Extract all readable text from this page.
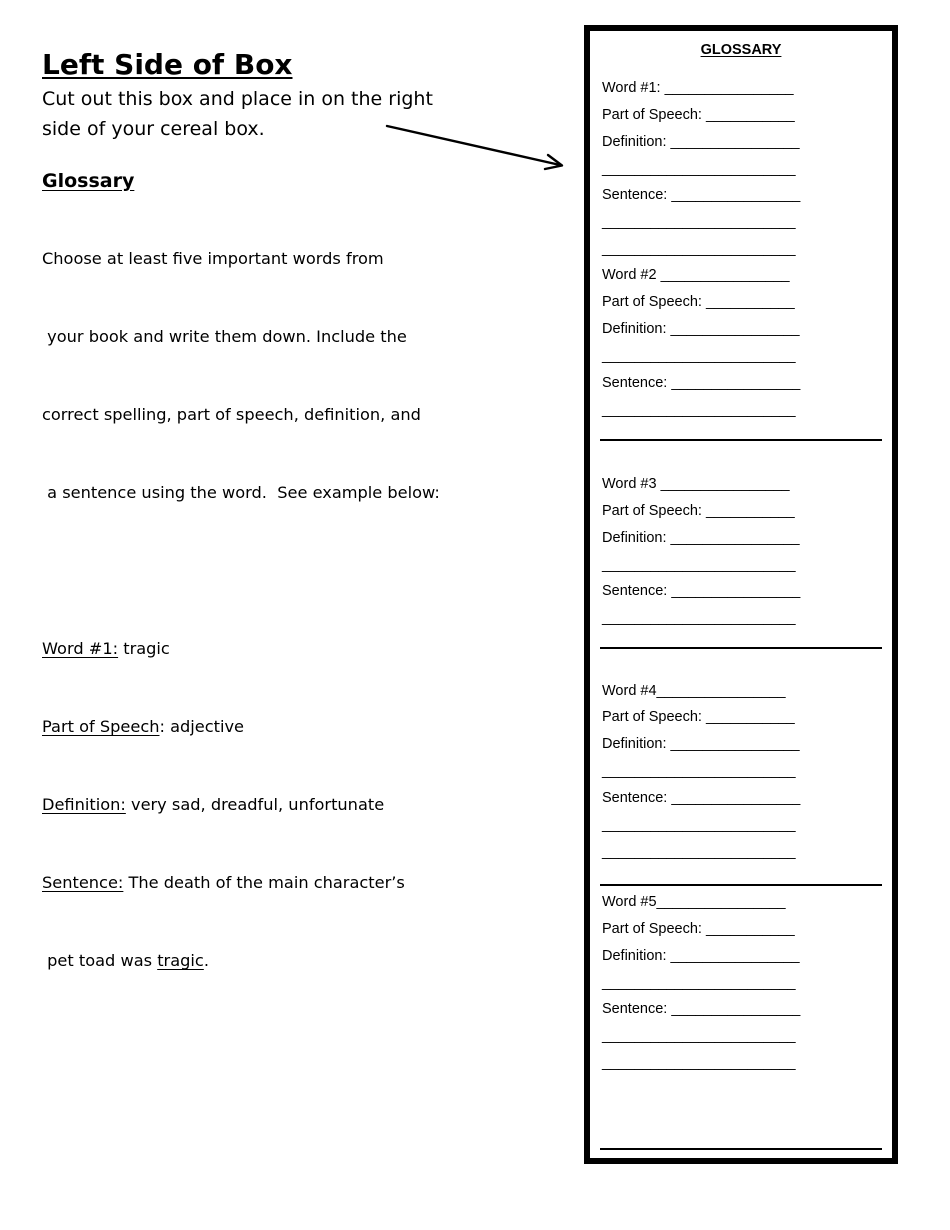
Left Side of Box
Cut out this box and place in on the right
side of your cereal box.
Glossary

Choose at least five important words from

your book and write them down. Include the

correct spelling, part of speech, definition, and

a sentence using the word.  See example below:

Word #1: tragic

Part of Speech: adjective

Definition: very sad, dreadful, unfortunate

Sentence: The death of the main character’s

pet toad was tragic.

GLOSSARY
Word #1: ________________
Part of Speech: ___________
Definition: ________________
________________________
Sentence: ________________
________________________
________________________
Word #2 ________________
Part of Speech: ___________
Definition: ________________
________________________
Sentence: ________________
________________________
Word #3 ________________
Part of Speech: ___________
Definition: ________________
________________________
Sentence: ________________
________________________
Word #4________________
Part of Speech: ___________
Definition: ________________
________________________
Sentence: ________________
________________________
________________________
Word #5________________
Part of Speech: ___________
Definition: ________________
________________________
Sentence: ________________
________________________
________________________
